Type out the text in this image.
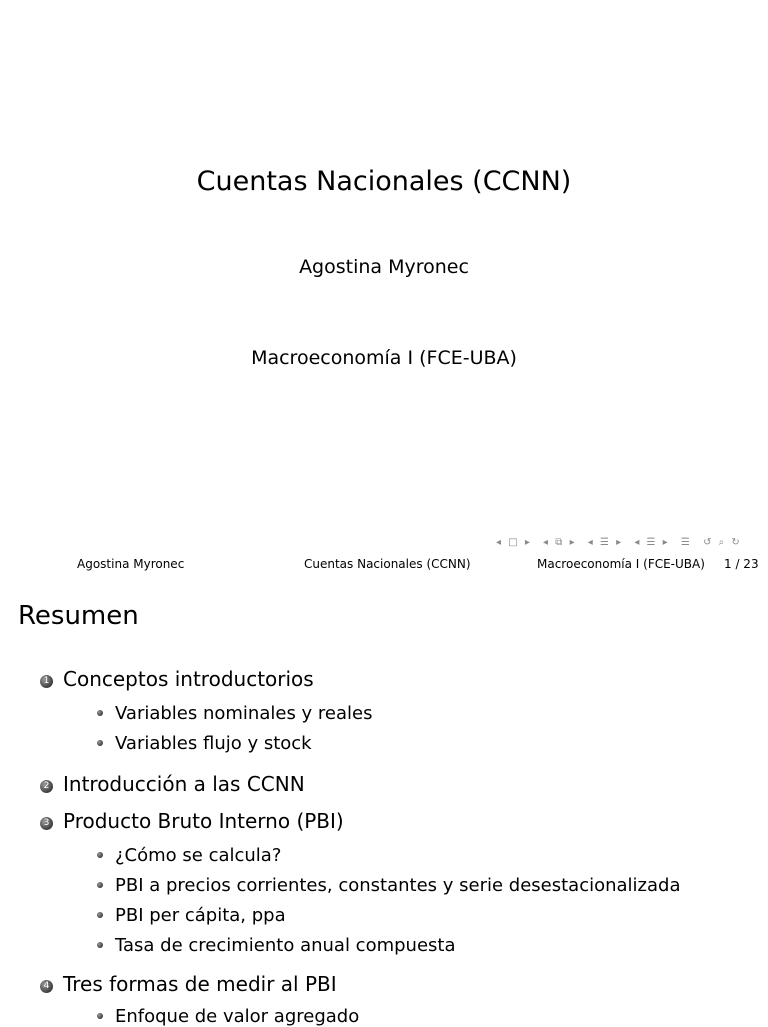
Cuentas Nacionales (CCNN)
Agostina Myronec
Macroeconomía I (FCE-UBA)
◂ □ ▸ ◂ ⧉ ▸ ◂ ☰ ▸ ◂ ☰ ▸ ☰ ↺ ⌕ ↻
Agostina Myronec	Cuentas Nacionales (CCNN)	Macroeconomía I (FCE-UBA) 1 / 23
Resumen
1 Conceptos introductorios
Variables nominales y reales
Variables flujo y stock
2 Introducción a las CCNN
3 Producto Bruto Interno (PBI)
¿Cómo se calcula?
PBI a precios corrientes, constantes y serie desestacionalizada
PBI per cápita, ppa
Tasa de crecimiento anual compuesta
4 Tres formas de medir al PBI
Enfoque de valor agregado
